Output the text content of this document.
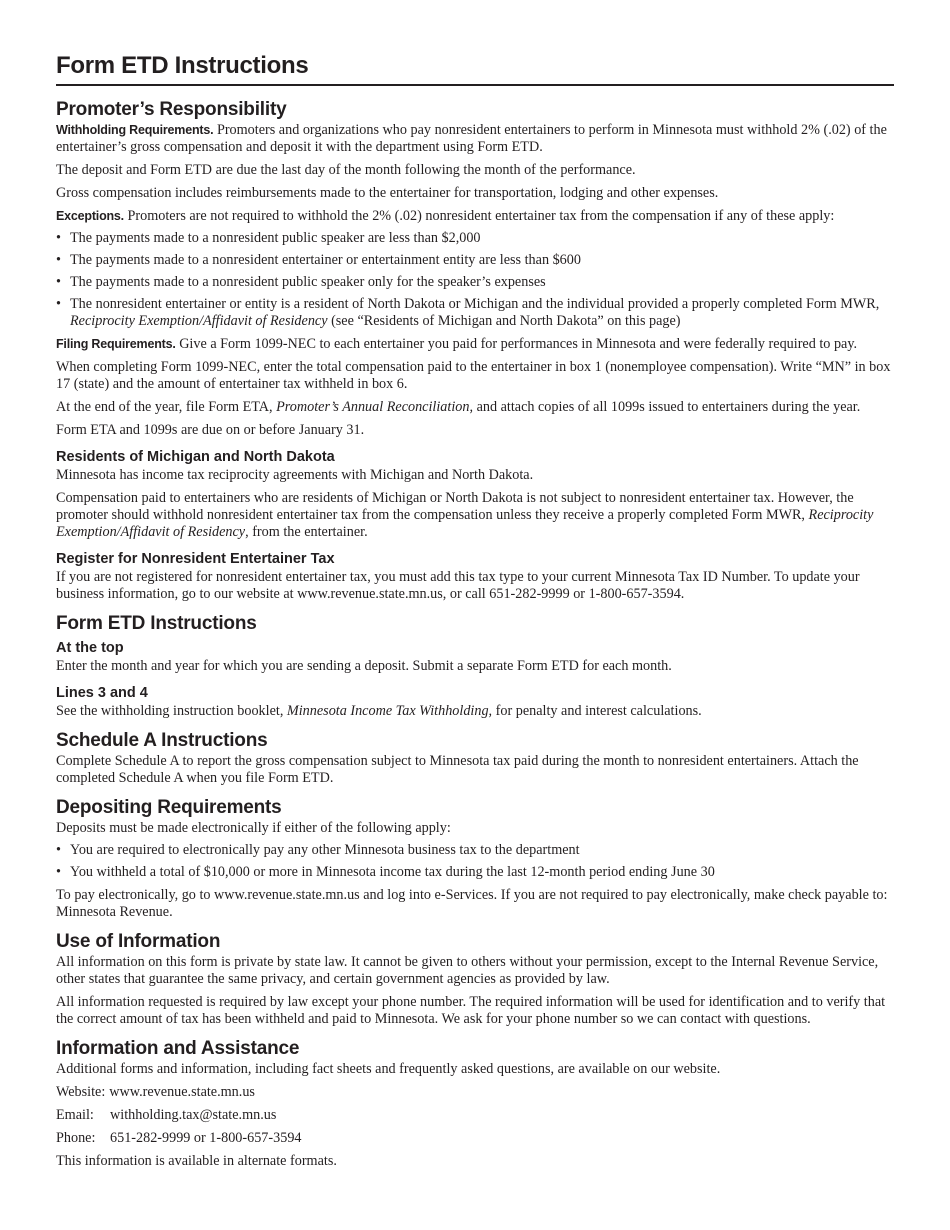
Form ETD Instructions
Promoter’s Responsibility

Withholding Requirements. Promoters and organizations who pay nonresident entertainers to perform in Minnesota must withhold 2% (.02) of the entertainer’s gross compensation and deposit it with the department using Form ETD.

The deposit and Form ETD are due the last day of the month following the month of the performance.

Gross compensation includes reimbursements made to the entertainer for transportation, lodging and other expenses.

Exceptions. Promoters are not required to withhold the 2% (.02) nonresident entertainer tax from the compensation if any of these apply:

• The payments made to a nonresident public speaker are less than $2,000
• The payments made to a nonresident entertainer or entertainment entity are less than $600
• The payments made to a nonresident public speaker only for the speaker’s expenses
• The nonresident entertainer or entity is a resident of North Dakota or Michigan and the individual provided a properly completed Form MWR, Reciprocity Exemption/Affidavit of Residency (see “Residents of Michigan and North Dakota” on this page)

Filing Requirements. Give a Form 1099-NEC to each entertainer you paid for performances in Minnesota and were federally required to pay.

When completing Form 1099-NEC, enter the total compensation paid to the entertainer in box 1 (nonemployee compensation). Write “MN” in box 17 (state) and the amount of entertainer tax withheld in box 6.

At the end of the year, file Form ETA, Promoter’s Annual Reconciliation, and attach copies of all 1099s issued to entertainers during the year.

Form ETA and 1099s are due on or before January 31.

Residents of Michigan and North Dakota

Minnesota has income tax reciprocity agreements with Michigan and North Dakota.

Compensation paid to entertainers who are residents of Michigan or North Dakota is not subject to nonresident entertainer tax. However, the promoter should withhold nonresident entertainer tax from the compensation unless they receive a properly completed Form MWR, Reciprocity Exemption/Affidavit of Residency, from the entertainer.

Register for Nonresident Entertainer Tax

If you are not registered for nonresident entertainer tax, you must add this tax type to your current Minnesota Tax ID Number. To update your business information, go to our website at www.revenue.state.mn.us, or call 651-282-9999 or 1-800-657-3594.

Form ETD Instructions
At the top

Enter the month and year for which you are sending a deposit. Submit a separate Form ETD for each month.

Lines 3 and 4

See the withholding instruction booklet, Minnesota Income Tax Withholding, for penalty and interest calculations.

Schedule A Instructions

Complete Schedule A to report the gross compensation subject to Minnesota tax paid during the month to nonresident entertainers. Attach the completed Schedule A when you file Form ETD.

Depositing Requirements

Deposits must be made electronically if either of the following apply:

• You are required to electronically pay any other Minnesota business tax to the department
• You withheld a total of $10,000 or more in Minnesota income tax during the last 12-month period ending June 30

To pay electronically, go to www.revenue.state.mn.us and log into e-Services. If you are not required to pay electronically, make check payable to: Minnesota Revenue.

Use of Information

All information on this form is private by state law. It cannot be given to others without your permission, except to the Internal Revenue Service, other states that guarantee the same privacy, and certain government agencies as provided by law.

All information requested is required by law except your phone number. The required information will be used for identification and to verify that the correct amount of tax has been withheld and paid to Minnesota. We ask for your phone number so we can contact with questions.

Information and Assistance

Additional forms and information, including fact sheets and frequently asked questions, are available on our website.

Website: www.revenue.state.mn.us

Email:	withholding.tax@state.mn.us

Phone:	651-282-9999 or 1-800-657-3594

This information is available in alternate formats.
